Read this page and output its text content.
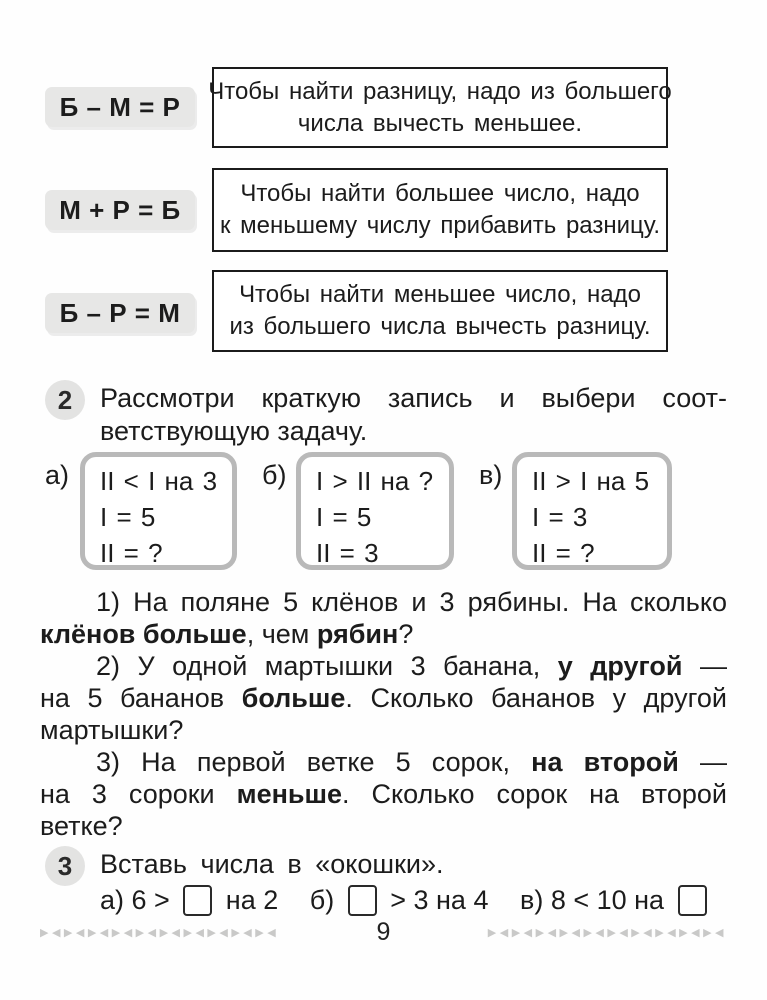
Б – М = Р
Чтобы найти разницу, надо из большего
числа вычесть меньшее.
М + Р = Б
Чтобы найти большее число, надо
к меньшему числу прибавить разницу.
Б – Р = М
Чтобы найти меньшее число, надо
из большего числа вычесть разницу.
2	Рассмотри краткую запись и выбери соот-
ветствующую задачу.
а) II < I на 3
I = 5
II = ?
б) I > II на ?
I = 5
II = 3
в) II > I на 5
I = 3
II = ?
1) На поляне 5 клёнов и 3 рябины. На сколько
клёнов больше, чем рябин?
2) У одной мартышки 3 банана, у другой —
на 5 бананов больше. Сколько бананов у другой
мартышки?
3) На первой ветке 5 сорок, на второй —
на 3 сороки меньше. Сколько сорок на второй
ветке?
3	Вставь числа в «окошки».
а) 6 >  на 2 б)  > 3 на 4 в) 8 < 10 на
▶◀▶◀▶◀▶◀▶◀▶◀▶◀▶◀▶◀▶◀	9	▶◀▶◀▶◀▶◀▶◀▶◀▶◀▶◀▶◀▶◀
